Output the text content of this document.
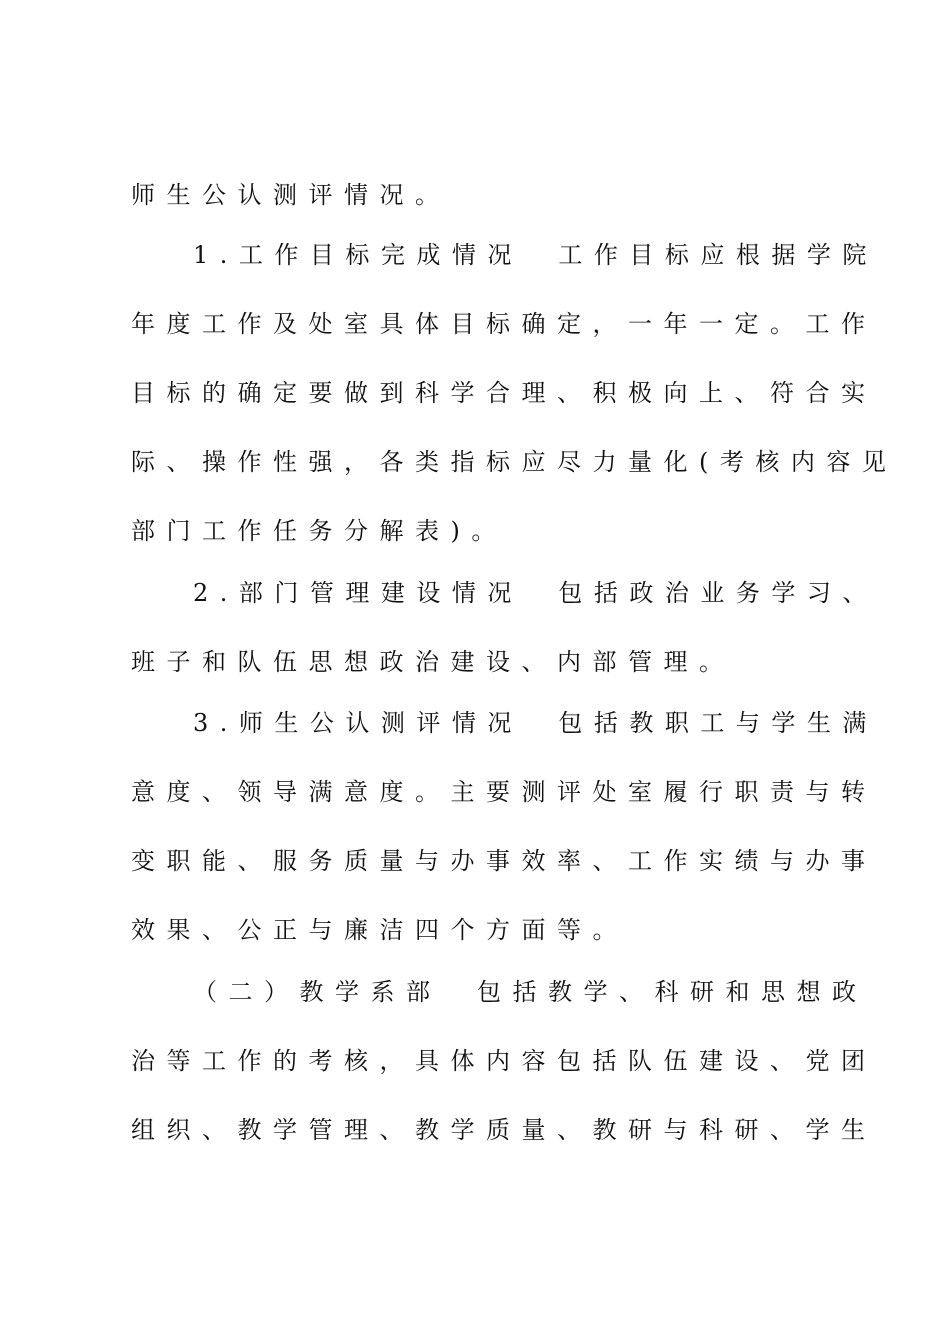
师生公认测评情况。
1.工作目标完成情况　工作目标应根据学院
年度工作及处室具体目标确定，一年一定。工作
目标的确定要做到科学合理、积极向上、符合实
际、操作性强，各类指标应尽力量化(考核内容见
部门工作任务分解表)。
2.部门管理建设情况　包括政治业务学习、
班子和队伍思想政治建设、内部管理。
3.师生公认测评情况　包括教职工与学生满
意度、领导满意度。主要测评处室履行职责与转
变职能、服务质量与办事效率、工作实绩与办事
效果、公正与廉洁四个方面等。
（二）教学系部　包括教学、科研和思想政
治等工作的考核，具体内容包括队伍建设、党团
组织、教学管理、教学质量、教研与科研、学生
